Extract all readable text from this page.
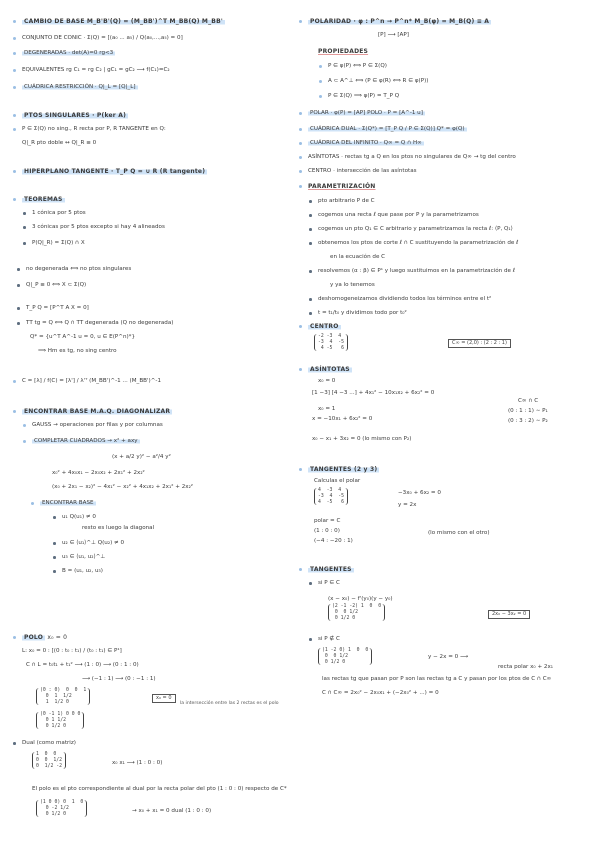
CAMBIO DE BASE M_B'B'(Q) = (M_BB')^T M_BB(Q) M_BB'
CONJUNTO DE CONIC · Σ(Q) = [(a₀ ... a₅) / Q(a₀,...,a₅) = 0]
DEGENERADAS · det(A)=0 rg<3
EQUIVALENTES rg C₁ = rg C₂ | gC₁ = gC₂ ⟶ f(C₁)=C₂
CUÁDRICA RESTRICCIÓN · Q|_L = [Q|_L]
PTOS SINGULARES · P(ker A)
P ∈ Σ(Q) no sing., R recta por P, R TANGENTE en Q:
Q|_R pto doble ↔ Q|_R ≡ 0
HIPERPLANO TANGENTE · T_P Q = ∪ R (R tangente)
TEOREMAS
1 cónica por 5 ptos
3 cónicas por 5 ptos excepto si hay 4 alineados
P(Q|_R) = Σ(Q) ∩ X
no degenerada ⟺ no ptos singulares
Q|_P ≡ 0 ⟺ X ⊂ Σ(Q)
T_P Q = [P^T A X = 0]
TT tg = Q ⟺ Q ∩ TT degenerada (Q no degenerada)
Q* = {u^T A^-1 u = 0, u ∈ E(P^n)*}
⟹ Hm es tg, no sing centro
C = [λ] / f(C) = [λ'] / λ'ᵀ (M_BB')^-1 ... (M_BB')^-1
ENCONTRAR BASE M.A.Q. DIAGONALIZAR
GAUSS → operaciones por filas y por columnas
COMPLETAR CUADRADOS → x² + axy
(x + a/2 y)² − a²/4 y²
x₀² + 4x₀x₁ − 2x₀x₂ + 2x₁² + 2x₂²
(x₀ + 2x₁ − x₂)² − 4x₁² − x₂² + 4x₁x₂ + 2x₁² + 2x₂²
ENCONTRAR BASE
u₁ Q(u₁) ≠ 0
resto es luego la diagonal
u₂ ∈ ⟨u₁⟩^⊥ Q(u₂) ≠ 0
u₃ ∈ ⟨u₁, u₂⟩^⊥
B = (u₁, u₂, u₃)
POLO x₀ = 0
L: x₀ = 0 : [(0 : t₀ : t₁) / (t₀ : t₁) ∈ P¹]
C ∩ L = t₀t₁ + t₁² ⟶ (1 : 0) ⟶ (0 : 1 : 0)
⟶ (−1 : 1) ⟶ (0 : −1 : 1)
(0 : 0)  0  0  1
0  1  1/2
1  1/2 0
x₀ = 0
(0 -1 1) 0 0 0
0 1 1/2
0 1/2 0
la intersección entre las 2 rectas es el polo
Dual (como matriz)
1  0  0
0  0  1/2
0  1/2 -2
x₀ x₁ ⟶ (1 : 0 : 0)
El polo es el pto correspondiente al dual por la recta polar del pto (1 : 0 : 0) respecto de C*
(1 0 0) 0  1  0
0 -2 1/2
0 1/2 0
→ x₀ + x₁ = 0 dual (1 : 0 : 0)
POLARIDAD · φ : P^n → P^n* M_B(φ) = M_B(Q) ≡ A
[P] ⟶ [AP]
PROPIEDADES
P ∈ φ(P) ⟺ P ∈ Σ(Q)
A ⊂ A^⊥ ⟺ (P ∈ φ(R) ⟺ R ∈ φ(P))
P ∈ Σ(Q) ⟹ φ(P) = T_P Q
POLAR · φ(P) = [AP] POLO · P = [A^-1 u]
CUÁDRICA DUAL · Σ(Q*) = [T_P Q / P ∈ Σ(Q)] Q* = φ(Q)
CUÁDRICA DEL INFINITO · Q∞ = Q ∩ H∞
ASÍNTOTAS · rectas tg a Q en los ptos no singulares de Q∞ → tg del centro
CENTRO · intersección de las asíntotas
PARAMETRIZACIÓN
pto arbitrario P de C
cogemos una recta ℓ que pase por P y la parametrizamos
cogemos un pto Q₁ ∈ C arbitrario y parametrizamos la recta ℓ: ⟨P, Q₁⟩
obtenemos los ptos de corte ℓ ∩ C sustituyendo la parametrización de ℓ
en la ecuación de C
resolvemos (α : β) ∈ P¹ y luego sustituimos en la parametrización de ℓ
y ya lo tenemos
deshomogeneizamos dividiendo todos los términos entre el t²
t = t₁/t₀ y dividimos todo por t₀²
CENTRO
-2 -3  4
-3  4  -5
4 -5   6
C∞ = (2,0) : (2 : 2 : 1)
ASÍNTOTAS
x₀ = 0
[1 −3] [4 −3 ...] + 4x₁² − 10x₁x₂ + 6x₂² = 0
C∞ ∩ C
x₀ = 1
x = −10x₁ + 6x₂² = 0
(0 : 1 : 1) ∼ P₁
(0 : 3 : 2) ∼ P₂
x₀ − x₁ + 3x₂ = 0 (lo mismo con P₂)
TANGENTES (2 y 3)
Calculas el polar
4  -3  4
-3  4  -5
4  -5   6
−3x₀ + 6x₂ = 0
y = 2x
polar = C
(1 : 0 : 0)
(−4 : −20 : 1)
(lo mismo con el otro)
TANGENTES
si P ∈ C
(x − x₀) − f'(y₀)(y − y₀)
(2 -1 -2) 1  0  0
0  0 1/2
0 1/2 0
2x₀ − 3x₂ = 0
si P ∉ C
(1 -2 0) 1  0  0
0  0 1/2
0 1/2 0
y − 2x = 0 ⟶
recta polar x₀ + 2x₁
las rectas tg que pasan por P son las rectas tg a C y pasan por los ptos de C ∩ C∞
C ∩ C∞ = 2x₀² − 2x₀x₁ + (−2x₀² + ...) = 0
